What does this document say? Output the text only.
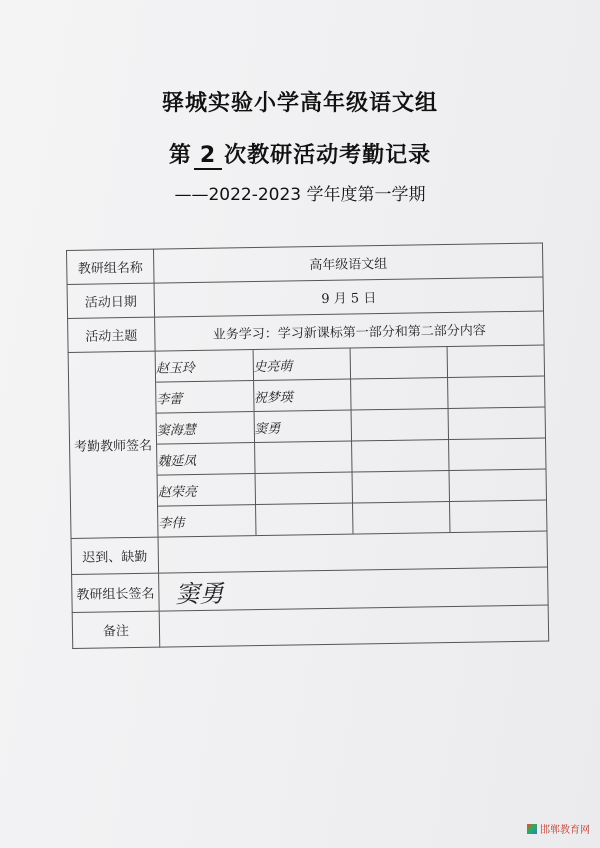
驿城实验小学高年级语文组
第 2 次教研活动考勤记录
——2022-2023 学年度第一学期
教研组名称	高年级语文组
活动日期	9 月 5 日
活动主题	业务学习：学习新课标第一部分和第二部分内容
考勤教师签名	
赵玉玲	史亮萌		
李蕾	祝梦瑛		
窦海慧	窦勇		
魏延凤			
赵荣亮			
李伟			

迟到、缺勤	
教研组长签名	窦勇
备注	
邯郸教育网
